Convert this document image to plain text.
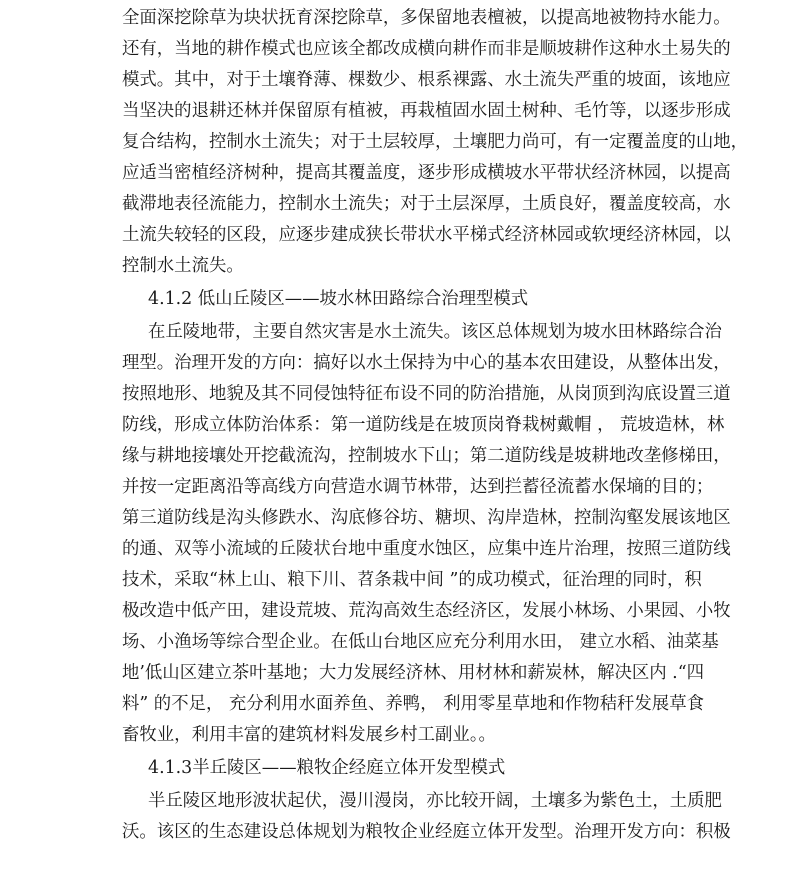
全面深挖除草为块状抚育深挖除草，多保留地表檀被，以提高地被物持水能力。
还有，当地的耕作模式也应该全都改成横向耕作而非是顺坡耕作这种水土易失的
模式。其中，对于土壤脊薄、棵数少、根系裸露、水土流失严重的坡面，该地应
当坚决的退耕还林并保留原有植被，再栽植固水固土树种、毛竹等，以逐步形成
复合结构，控制水土流失；对于土层较厚，土壤肥力尚可，有一定覆盖度的山地，
应适当密植经济树种，提高其覆盖度，逐步形成横坡水平带状经济林园，以提高
截滞地表径流能力，控制水土流失；对于土层深厚，土质良好，覆盖度较高，水
土流失较轻的区段，应逐步建成狭长带状水平梯式经济林园或软埂经济林园，以
控制水土流失。
4.1.2 低山丘陵区——坡水林田路综合治理型模式
在丘陵地带，主要自然灾害是水土流失。该区总体规划为坡水田林路综合治
理型。治理开发的方向：搞好以水土保持为中心的基本农田建设，从整体出发，
按照地形、地貌及其不同侵蚀特征布设不同的防治措施，从岗顶到沟底设置三道
防线，形成立体防治体系：第一道防线是在坡顶岗脊栽树戴帽 ， 荒坡造林，林
缘与耕地接壤处开挖截流沟，控制坡水下山；第二道防线是坡耕地改垄修梯田，
并按一定距离沿等高线方向营造水调节林带，达到拦蓄径流蓄水保墒的目的；
第三道防线是沟头修跌水、沟底修谷坊、糖坝、沟岸造林，控制沟壑发展该地区
的通、双等小流域的丘陵状台地中重度水蚀区，应集中连片治理，按照三道防线
技术，采取“林上山、粮下川、苕条栽中间 ”的成功模式，征治理的同时，积
极改造中低产田，建设荒坡、荒沟高效生态经济区，发展小林场、小果园、小牧
场、小渔场等综合型企业。在低山台地区应充分利用水田， 建立水稻、油菜基
地’低山区建立茶叶基地；大力发展经济林、用材林和薪炭林，解决区内 .“四
料” 的不足， 充分利用水面养鱼、养鸭， 利用零星草地和作物秸秆发展草食
畜牧业，利用丰富的建筑材料发展乡村工副业。。
4.1.3半丘陵区——粮牧企经庭立体开发型模式
半丘陵区地形波状起伏，漫川漫岗，亦比较开阔，土壤多为紫色土，土质肥
沃。该区的生态建设总体规划为粮牧企业经庭立体开发型。治理开发方向：积极
